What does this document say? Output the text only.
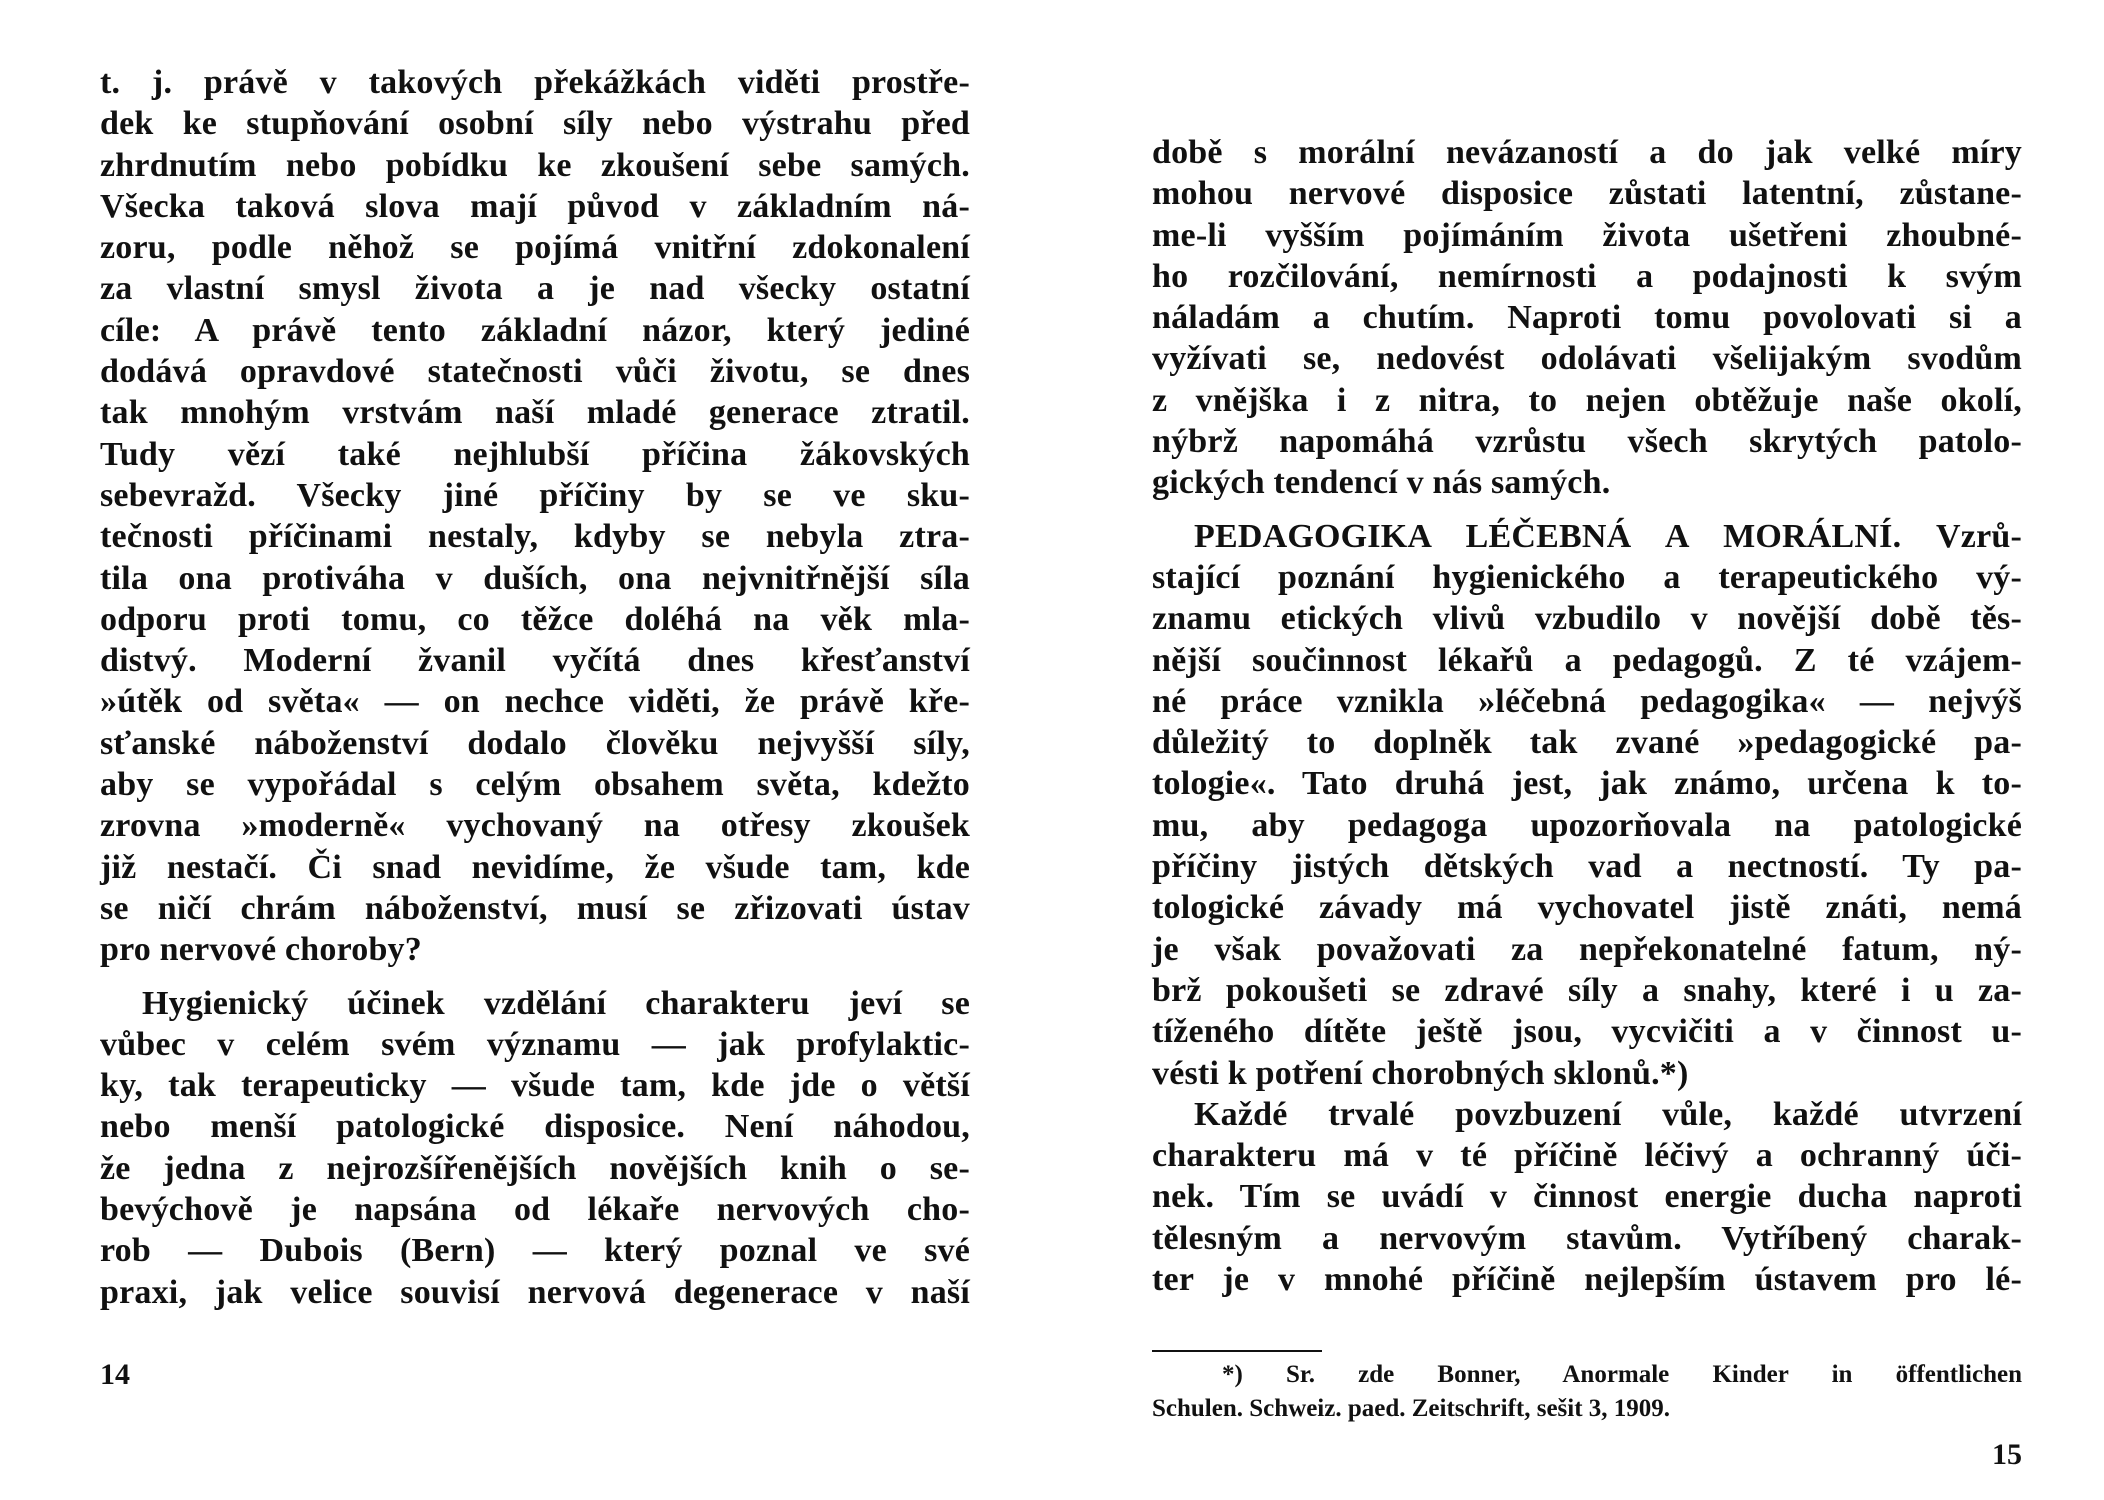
t. j. právě v takových překážkách viděti prostře-
dek ke stupňování osobní síly nebo výstrahu před
zhrdnutím nebo pobídku ke zkoušení sebe samých.
Všecka taková slova mají původ v základním ná-
zoru, podle něhož se pojímá vnitřní zdokonalení
za vlastní smysl života a je nad všecky ostatní
cíle: A právě tento základní názor, který jediné
dodává opravdové statečnosti vůči životu, se dnes
tak mnohým vrstvám naší mladé generace ztratil.
Tudy vězí také nejhlubší příčina žákovských
sebevražd. Všecky jiné příčiny by se ve sku-
tečnosti příčinami nestaly, kdyby se nebyla ztra-
tila ona protiváha v duších, ona nejvnitřnější síla
odporu proti tomu, co těžce doléhá na věk mla-
distvý. Moderní žvanil vyčítá dnes křesťanství
»útěk od světa« — on nechce viděti, že právě kře-
sťanské náboženství dodalo člověku nejvyšší síly,
aby se vypořádal s celým obsahem světa, kdežto
zrovna »moderně« vychovaný na otřesy zkoušek
již nestačí. Či snad nevidíme, že všude tam, kde
se ničí chrám náboženství, musí se zřizovati ústav
pro nervové choroby?
Hygienický účinek vzdělání charakteru jeví se
vůbec v celém svém významu — jak profylaktic-
ky, tak terapeuticky — všude tam, kde jde o větší
nebo menší patologické disposice. Není náhodou,
že jedna z nejrozšířenějších novějších knih o se-
bevýchově je napsána od lékaře nervových cho-
rob — Dubois (Bern) — který poznal ve své
praxi, jak velice souvisí nervová degenerace v naší
14
době s morální nevázaností a do jak velké míry
mohou nervové disposice zůstati latentní, zůstane-
me-li vyšším pojímáním života ušetřeni zhoubné-
ho rozčilování, nemírnosti a podajnosti k svým
náladám a chutím. Naproti tomu povolovati si a
vyžívati se, nedovést odolávati všelijakým svodům
z vnějška i z nitra, to nejen obtěžuje naše okolí,
nýbrž napomáhá vzrůstu všech skrytých patolo-
gických tendencí v nás samých.
PEDAGOGIKA LÉČEBNÁ A MORÁLNÍ. Vzrů-
stající poznání hygienického a terapeutického vý-
znamu etických vlivů vzbudilo v novější době těs-
nější součinnost lékařů a pedagogů. Z té vzájem-
né práce vznikla »léčebná pedagogika« — nejvýš
důležitý to doplněk tak zvané »pedagogické pa-
tologie«. Tato druhá jest, jak známo, určena k to-
mu, aby pedagoga upozorňovala na patologické
příčiny jistých dětských vad a nectností. Ty pa-
tologické závady má vychovatel jistě znáti, nemá
je však považovati za nepřekonatelné fatum, ný-
brž pokoušeti se zdravé síly a snahy, které i u za-
tíženého dítěte ještě jsou, vycvičiti a v činnost u-
vésti k potření chorobných sklonů.*)
Každé trvalé povzbuzení vůle, každé utvrzení
charakteru má v té příčině léčivý a ochranný úči-
nek. Tím se uvádí v činnost energie ducha naproti
tělesným a nervovým stavům. Vytříbený charak-
ter je v mnohé příčině nejlepším ústavem pro lé-
*) Sr. zde Bonner, Anormale Kinder in öffentlichen
Schulen. Schweiz. paed. Zeitschrift, sešit 3, 1909.
15
